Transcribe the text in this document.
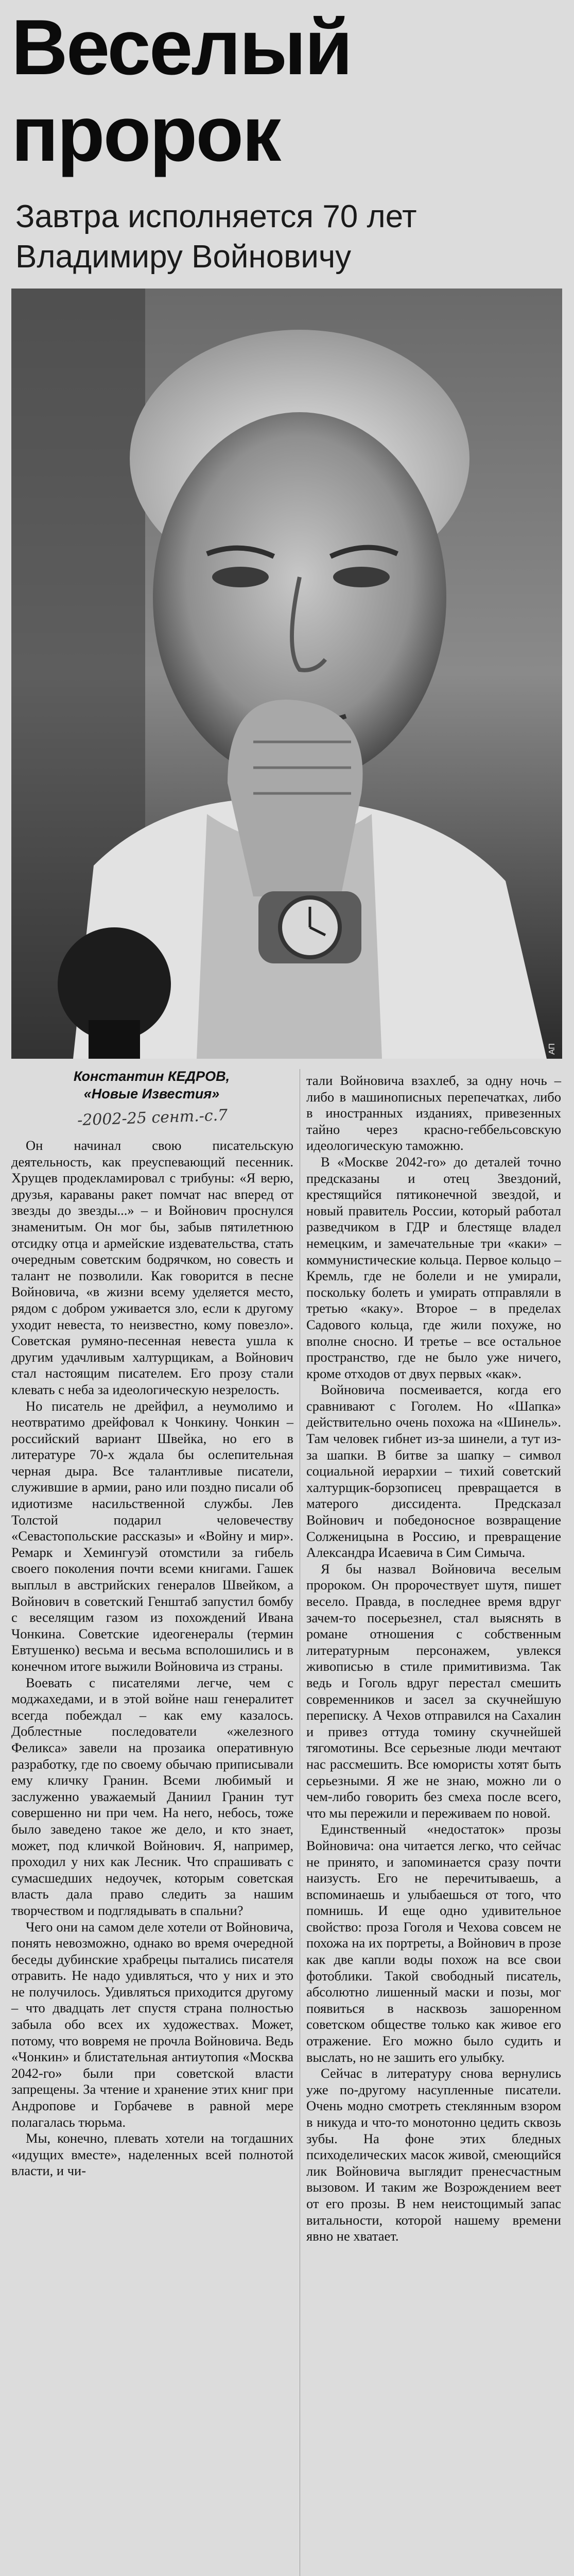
Веселый
пророк
Завтра исполняется 70 лет
Владимиру Войновичу
АП
Константин КЕДРОВ,
«Новые Известия»
-2002-25 сент.-с.7

Он начинал свою писательскую деятельность, как преуспевающий песенник. Хрущев продекламировал с трибуны: «Я верю, друзья, караваны ракет помчат нас вперед от звезды до звезды...» – и Войнович проснулся знаменитым. Он мог бы, забыв пятилетнюю отсидку отца и армейские издевательства, стать очередным советским бодрячком, но совесть и талант не позволили. Как говорится в песне Войновича, «в жизни всему уделяется место, рядом с добром уживается зло, если к другому уходит невеста, то неизвестно, кому повезло». Советская румяно-песенная невеста ушла к другим удачливым халтурщикам, а Войнович стал настоящим писателем. Его прозу стали клевать с неба за идеологическую незрелость.

Но писатель не дрейфил, а неумолимо и неотвратимо дрейфовал к Чонкину. Чонкин – российский вариант Швейка, но его в литературе 70-х ждала бы ослепительная черная дыра. Все талантливые писатели, служившие в армии, рано или поздно писали об идиотизме насильственной службы. Лев Толстой подарил человечеству «Севастопольские рассказы» и «Войну и мир». Ремарк и Хемингуэй отомстили за гибель своего поколения почти всеми книгами. Гашек выплыл в австрийских генералов Швейком, а Войнович в советский Генштаб запустил бомбу с веселящим газом из похождений Ивана Чонкина. Советские идеогенералы (термин Евтушенко) весьма и весьма всполошились и в конечном итоге выжили Войновича из страны.

Воевать с писателями легче, чем с моджахедами, и в этой войне наш генералитет всегда побеждал – как ему казалось. Доблестные последователи «железного Феликса» завели на прозаика оперативную разработку, где по своему обычаю приписывали ему кличку Гранин. Всеми любимый и заслуженно уважаемый Даниил Гранин тут совершенно ни при чем. На него, небось, тоже было заведено такое же дело, и кто знает, может, под кличкой Войнович. Я, например, проходил у них как Лесник. Что спрашивать с сумасшедших недоучек, которым советская власть дала право следить за нашим творчеством и подглядывать в спальни?

Чего они на самом деле хотели от Войновича, понять невозможно, однако во время очередной беседы дубинские храбрецы пытались писателя отравить. Не надо удивляться, что у них и это не получилось. Удивляться приходится другому – что двадцать лет спустя страна полностью забыла обо всех их художествах. Может, потому, что вовремя не прочла Войновича. Ведь «Чонкин» и блистательная антиутопия «Москва 2042-го» были при советской власти запрещены. За чтение и хранение этих книг при Андропове и Горбачеве в равной мере полагалась тюрьма.

Мы, конечно, плевать хотели на тогдашних «идущих вместе», наделенных всей полнотой власти, и чи-

тали Войновича взахлеб, за одну ночь – либо в машинописных перепечатках, либо в иностранных изданиях, привезенных тайно через красно-геббельсовскую идеологическую таможню.

В «Москве 2042-го» до деталей точно предсказаны и отец Звездоний, крестящийся пятиконечной звездой, и новый правитель России, который работал разведчиком в ГДР и блестяще владел немецким, и замечательные три «каки» – коммунистические кольца. Первое кольцо – Кремль, где не болели и не умирали, поскольку болеть и умирать отправляли в третью «каку». Второе – в пределах Садового кольца, где жили похуже, но вполне сносно. И третье – все остальное пространство, где не было уже ничего, кроме отходов от двух первых «как».

Войновича посмеивается, когда его сравнивают с Гоголем. Но «Шапка» действительно очень похожа на «Шинель». Там человек гибнет из-за шинели, а тут из-за шапки. В битве за шапку – символ социальной иерархии – тихий советский халтурщик-борзописец превращается в матерого диссидента. Предсказал Войнович и победоносное возвращение Солженицына в Россию, и превращение Александра Исаевича в Сим Симыча.

Я бы назвал Войновича веселым пророком. Он пророчествует шутя, пишет весело. Правда, в последнее время вдруг зачем-то посерьезнел, стал выяснять в романе отношения с собственным литературным персонажем, увлекся живописью в стиле примитивизма. Так ведь и Гоголь вдруг перестал смешить современников и засел за скучнейшую переписку. А Чехов отправился на Сахалин и привез оттуда томину скучнейшей тягомотины. Все серьезные люди мечтают нас рассмешить. Все юмористы хотят быть серьезными. Я же не знаю, можно ли о чем-либо говорить без смеха после всего, что мы пережили и переживаем по новой.

Единственный «недостаток» прозы Войновича: она читается легко, что сейчас не принято, и запоминается сразу почти наизусть. Его не перечитываешь, а вспоминаешь и улыбаешься от того, что помнишь. И еще одно удивительное свойство: проза Гоголя и Чехова совсем не похожа на их портреты, а Войнович в прозе как две капли воды похож на все свои фотоблики. Такой свободный писатель, абсолютно лишенный маски и позы, мог появиться в насквозь зашоренном советском обществе только как живое его отражение. Его можно было судить и выслать, но не зашить его улыбку.

Сейчас в литературу снова вернулись уже по-другому насупленные писатели. Очень модно смотреть стеклянным взором в никуда и что-то монотонно цедить сквозь зубы. На фоне этих бледных психоделических масок живой, смеющийся лик Войновича выглядит пренесчастным вызовом. И таким же Возрождением веет от его прозы. В нем неистощимый запас витальности, которой нашему времени явно не хватает.
